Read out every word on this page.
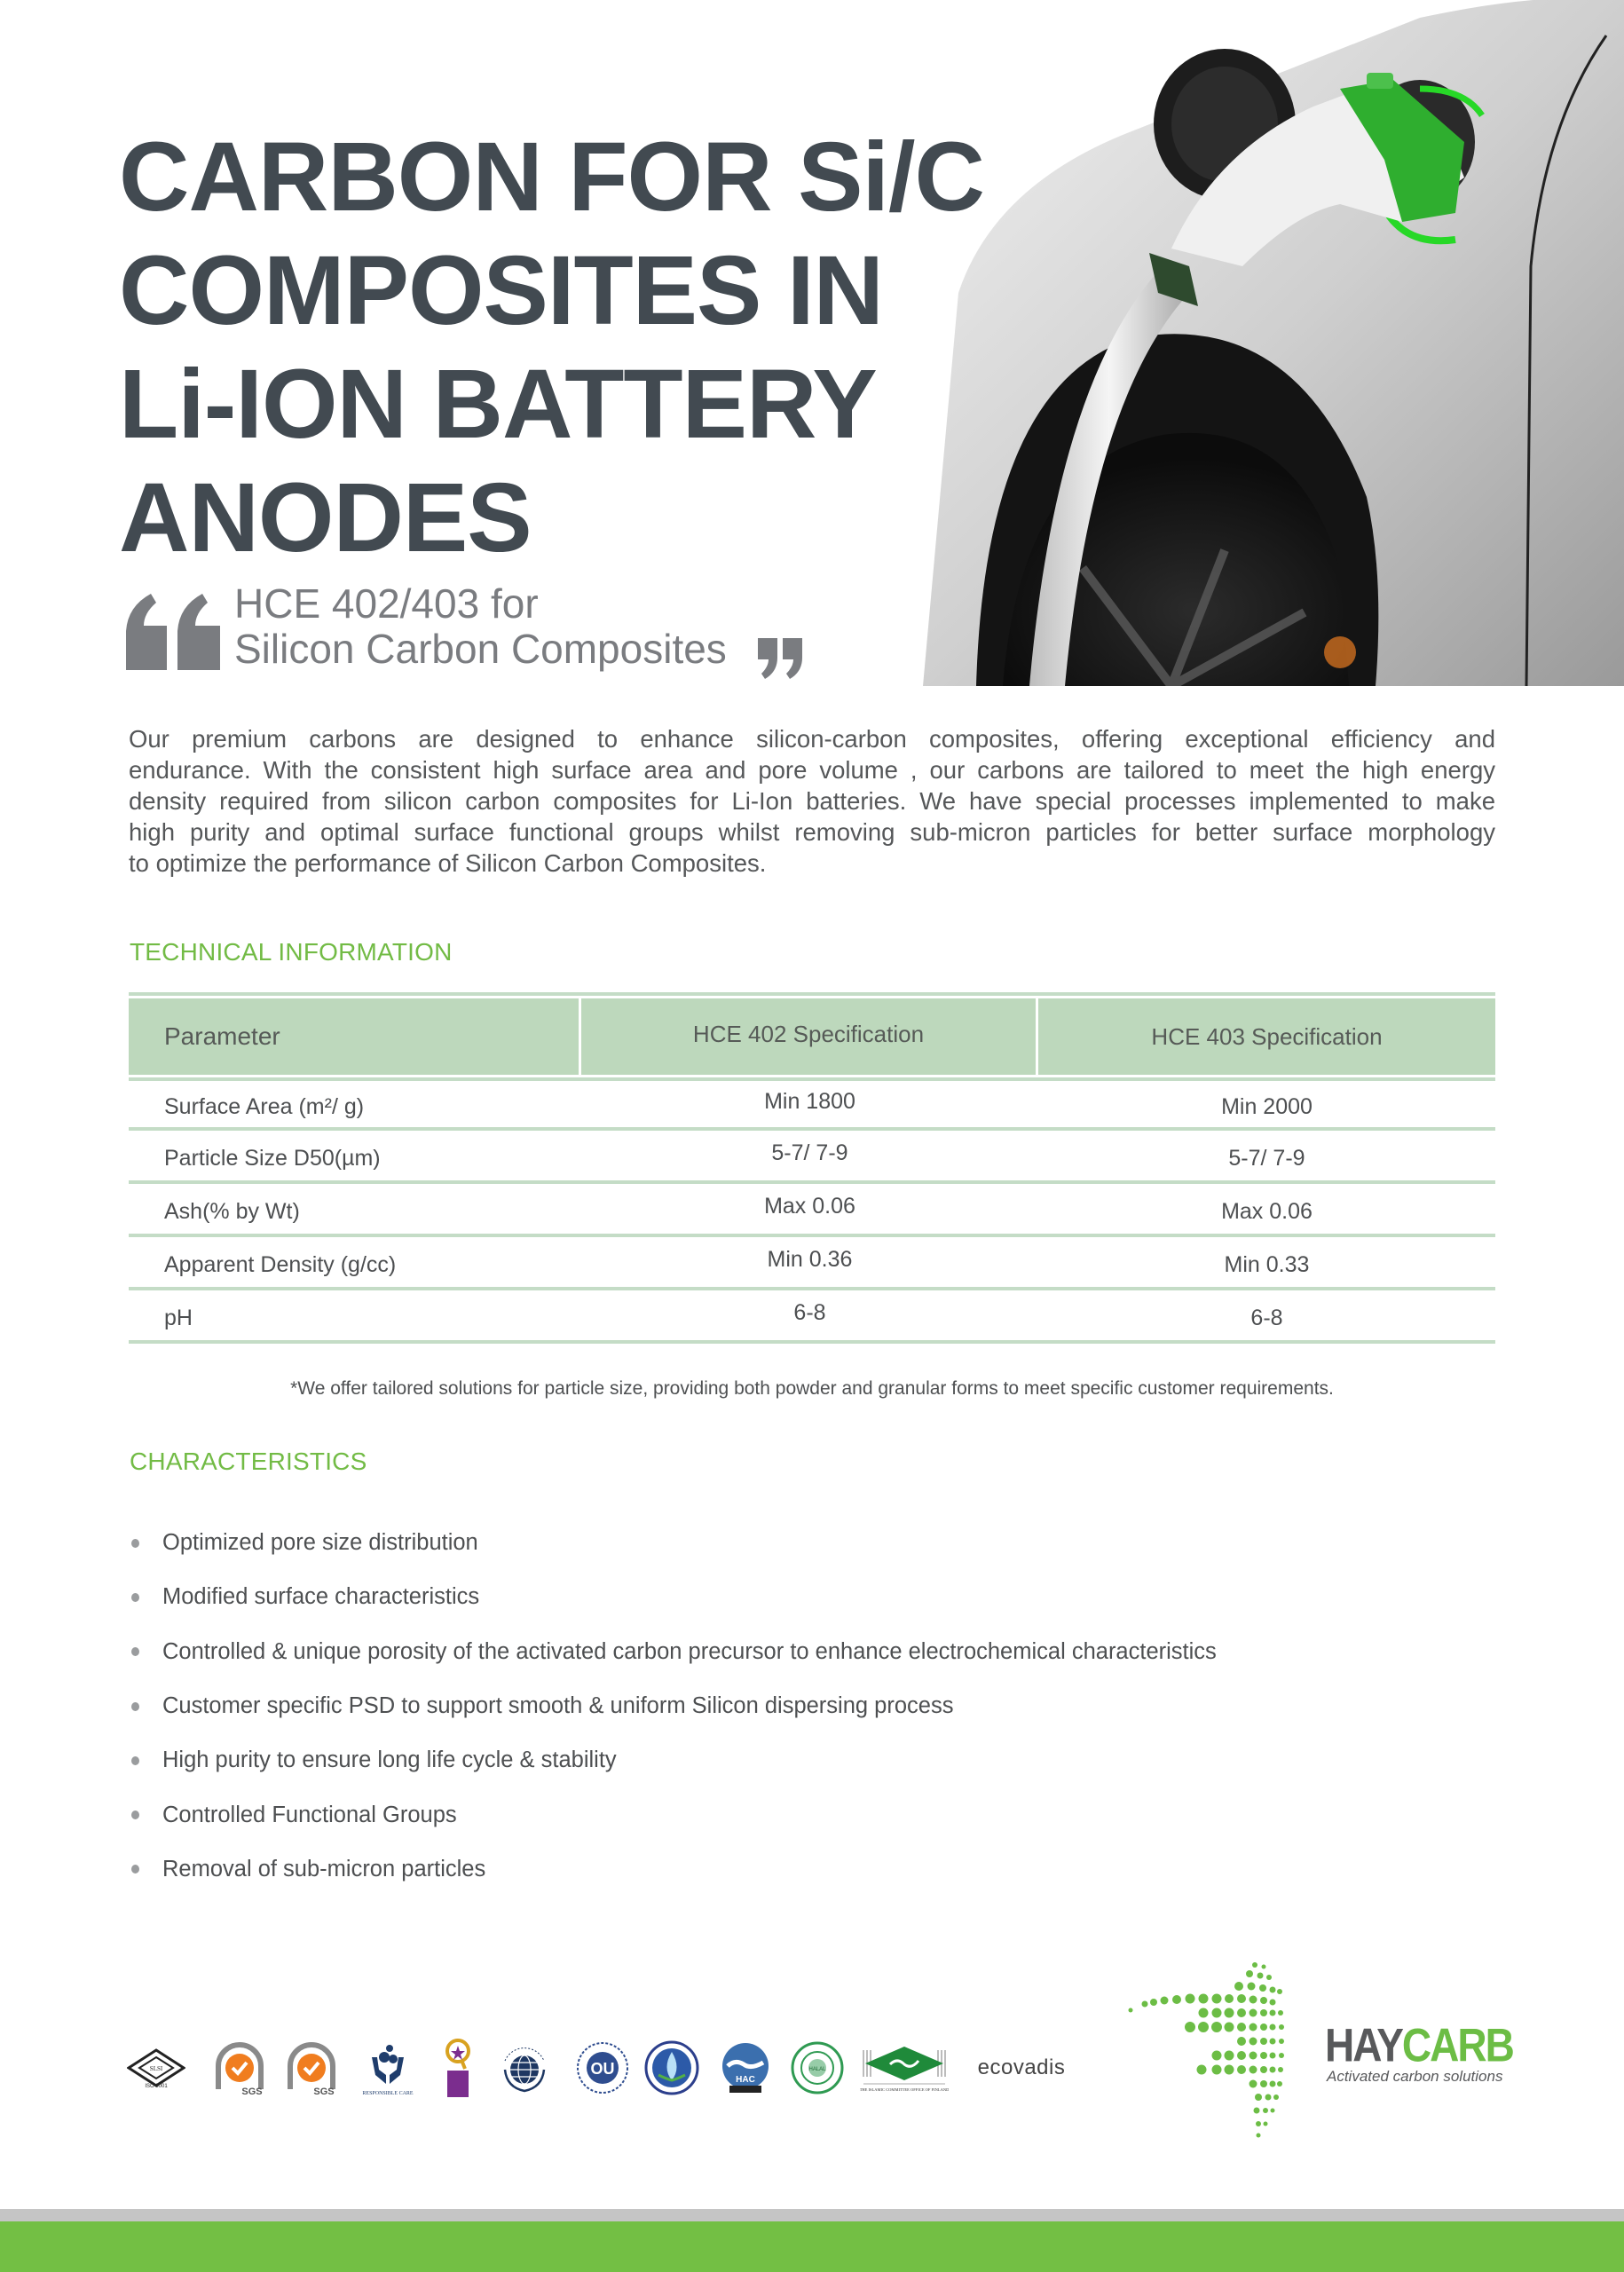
CARBON FOR Si/C
COMPOSITES IN
Li-ION BATTERY
ANODES
HCE 402/403 for
Silicon Carbon Composites
Our premium carbons are designed to enhance silicon-carbon composites, offering exceptional efficiency and
endurance. With the consistent high surface area and pore volume , our carbons are tailored to meet the high energy
density required from silicon carbon composites for Li-Ion batteries. We have special processes implemented to make
high purity and optimal surface functional groups whilst removing sub-micron particles for better surface morphology
to optimize the performance of Silicon Carbon Composites.
TECHNICAL INFORMATION
Parameter	HCE 402 Specification	HCE 403 Specification
Surface Area (m²/ g)	Min 1800	Min 2000
Particle Size D50(µm)	5-7/ 7-9	5-7/ 7-9
Ash(% by Wt)	Max 0.06	Max 0.06
Apparent Density (g/cc)	Min 0.36	Min 0.33
pH	6-8	6-8
*We offer tailored solutions for particle size, providing both powder and granular forms to meet specific customer requirements.
CHARACTERISTICS
Optimized pore size distribution
Modified surface characteristics
Controlled & unique porosity of the activated carbon precursor to enhance electrochemical characteristics
Customer specific PSD to support smooth & uniform Silicon dispersing process
High purity to ensure long life cycle & stability
Controlled Functional Groups
Removal of sub-micron particles
SLSI
ISO 9001	SGS	SGS	RESPONSIBLE CARE
OU
HAC
HALAL
THE ISLAMIC COMMITTEE OFFICE OF FINLAND
ecovadis	HAYCARB
Activated carbon solutions
